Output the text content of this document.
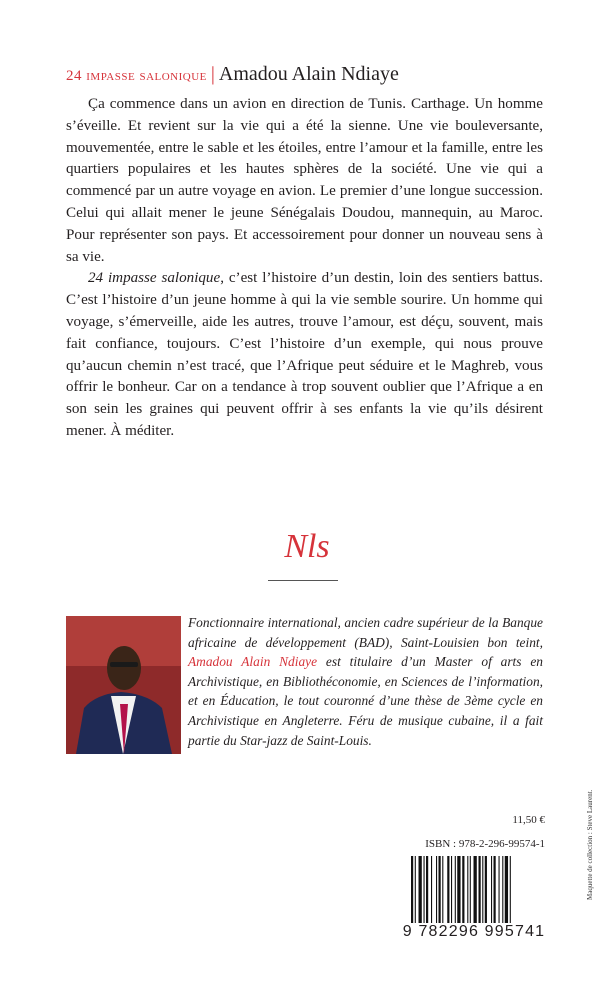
24 impasse salonique | Amadou Alain Ndiaye

Ça commence dans un avion en direction de Tunis. Carthage. Un homme s’éveille. Et revient sur la vie qui a été la sienne. Une vie bouleversante, mouvementée, entre le sable et les étoiles, entre l’amour et la famille, entre les quartiers populaires et les hautes sphères de la société. Une vie qui a commencé par un autre voyage en avion. Le premier d’une longue succession. Celui qui allait mener le jeune Sénégalais Doudou, mannequin, au Maroc. Pour représenter son pays. Et accessoirement pour donner un nouveau sens à sa vie.

24 impasse salonique, c’est l’histoire d’un destin, loin des sentiers battus. C’est l’histoire d’un jeune homme à qui la vie semble sourire. Un homme qui voyage, s’émerveille, aide les autres, trouve l’amour, est déçu, souvent, mais fait confiance, toujours. C’est l’histoire d’un exemple, qui nous prouve qu’aucun chemin n’est tracé, que l’Afrique peut séduire et le Maghreb, vous offrir le bonheur. Car on a tendance à trop souvent oublier que l’Afrique a en son sein les graines qui peuvent offrir à ses enfants la vie qu’ils désirent mener. À méditer.

Nls
Fonctionnaire international, ancien cadre supérieur de la Banque africaine de développement (BAD), Saint-Louisien bon teint, Amadou Alain Ndiaye est titulaire d’un Master of arts en Archivistique, en Bibliothéconomie, en Sciences de l’information, et en Éducation, le tout couronné d’une thèse de 3ème cycle en Archivistique en Angleterre. Féru de musique cubaine, il a fait partie du Star-jazz de Saint-Louis.
Maquette de collection : Steve Laurent.
11,50 €
ISBN : 978-2-296-99574-1
9 782296 995741
